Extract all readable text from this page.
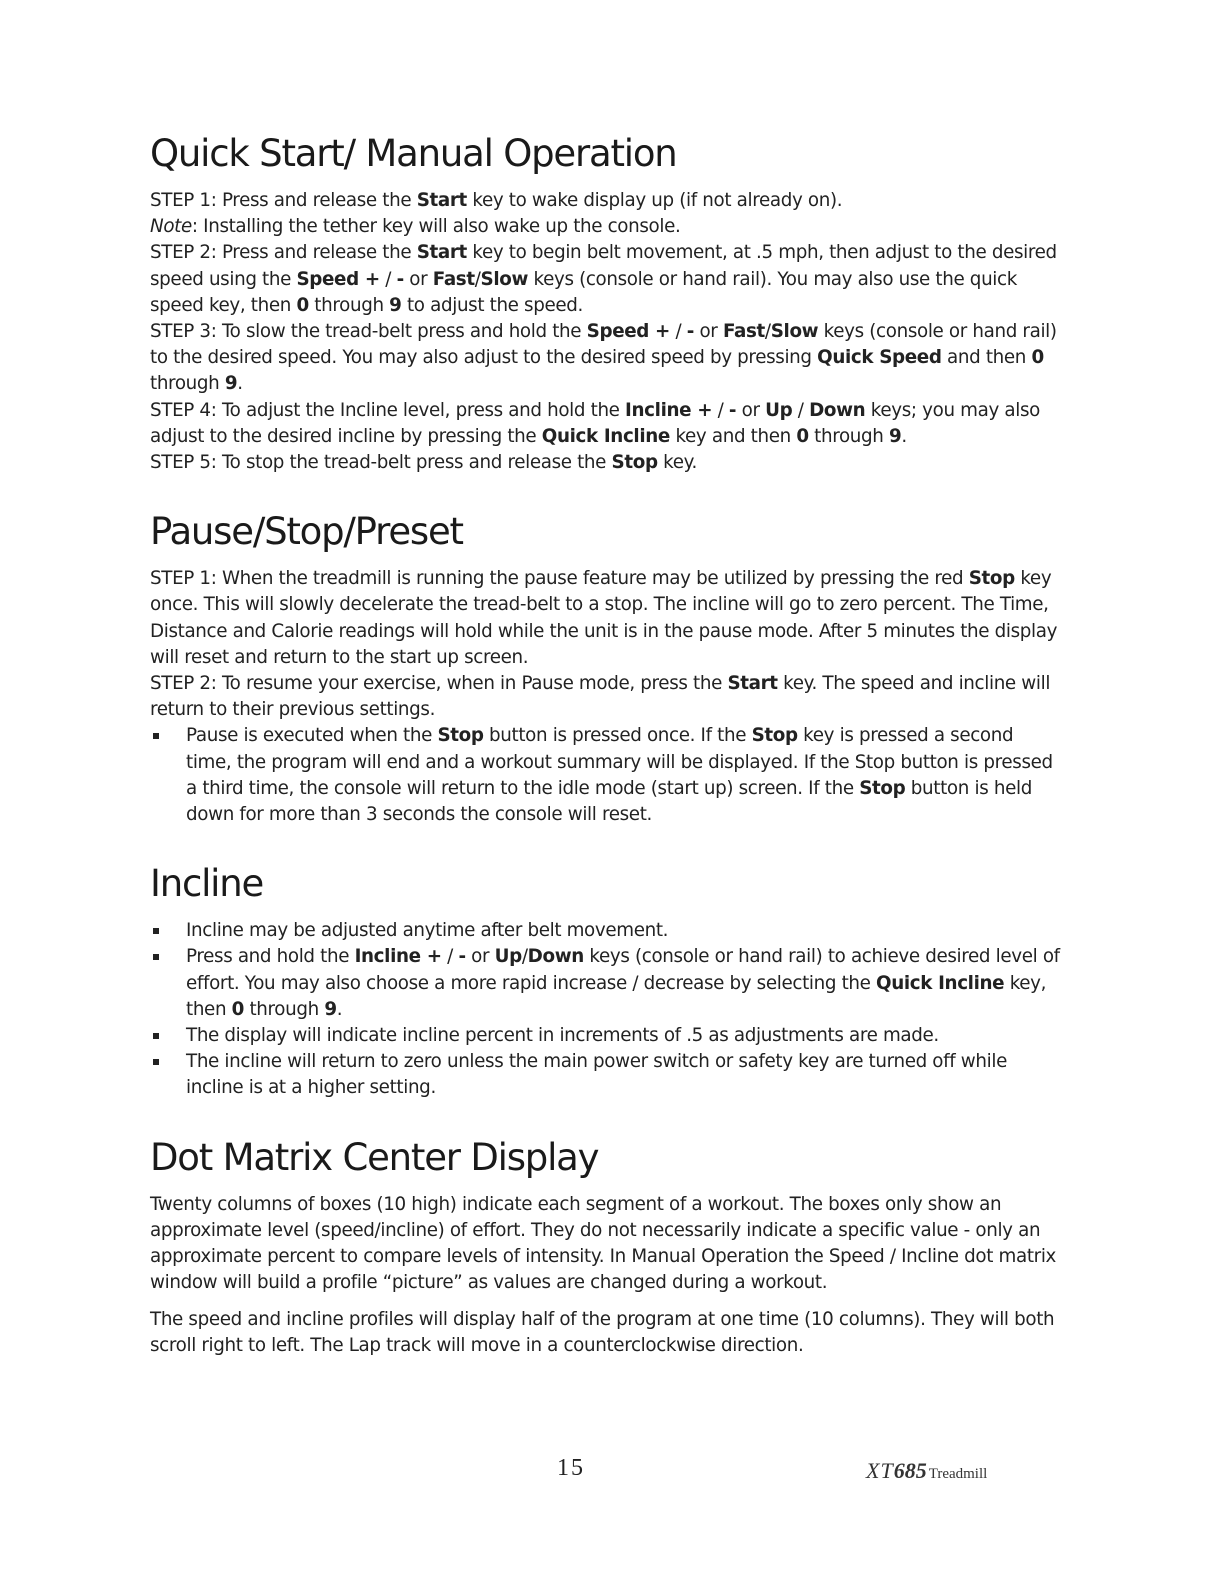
Quick Start/ Manual Operation

STEP 1: Press and release the Start key to wake display up (if not already on).

Note: Installing the tether key will also wake up the console.

STEP 2: Press and release the Start key to begin belt movement, at .5 mph, then adjust to the desired speed using the Speed + / - or Fast/Slow keys (console or hand rail). You may also use the quick speed key, then 0 through 9 to adjust the speed.

STEP 3: To slow the tread-belt press and hold the Speed + / - or Fast/Slow keys (console or hand rail) to the desired speed. You may also adjust to the desired speed by pressing Quick Speed and then 0 through 9.

STEP 4: To adjust the Incline level, press and hold the Incline + / - or Up / Down keys; you may also adjust to the desired incline by pressing the Quick Incline key and then 0 through 9.

STEP 5: To stop the tread-belt press and release the Stop key.

Pause/Stop/Preset

STEP 1: When the treadmill is running the pause feature may be utilized by pressing the red Stop key once. This will slowly decelerate the tread-belt to a stop. The incline will go to zero percent. The Time, Distance and Calorie readings will hold while the unit is in the pause mode. After 5 minutes the display will reset and return to the start up screen.

STEP 2: To resume your exercise, when in Pause mode, press the Start key. The speed and incline will return to their previous settings.

Pause is executed when the Stop button is pressed once. If the Stop key is pressed a second time, the program will end and a workout summary will be displayed. If the Stop button is pressed a third time, the console will return to the idle mode (start up) screen. If the Stop button is held down for more than 3 seconds the console will reset.
Incline
Incline may be adjusted anytime after belt movement.
Press and hold the Incline + / - or Up/Down keys (console or hand rail) to achieve desired level of effort. You may also choose a more rapid increase / decrease by selecting the Quick Incline key, then 0 through 9.
The display will indicate incline percent in increments of .5 as adjustments are made.
The incline will return to zero unless the main power switch or safety key are turned off while incline is at a higher setting.
Dot Matrix Center Display

Twenty columns of boxes (10 high) indicate each segment of a workout. The boxes only show an approximate level (speed/incline) of effort. They do not necessarily indicate a specific value - only an approximate percent to compare levels of intensity. In Manual Operation the Speed / Incline dot matrix window will build a profile “picture” as values are changed during a workout.

The speed and incline profiles will display half of the program at one time (10 columns). They will both scroll right to left. The Lap track will move in a counterclockwise direction.

15	XT685 Treadmill
